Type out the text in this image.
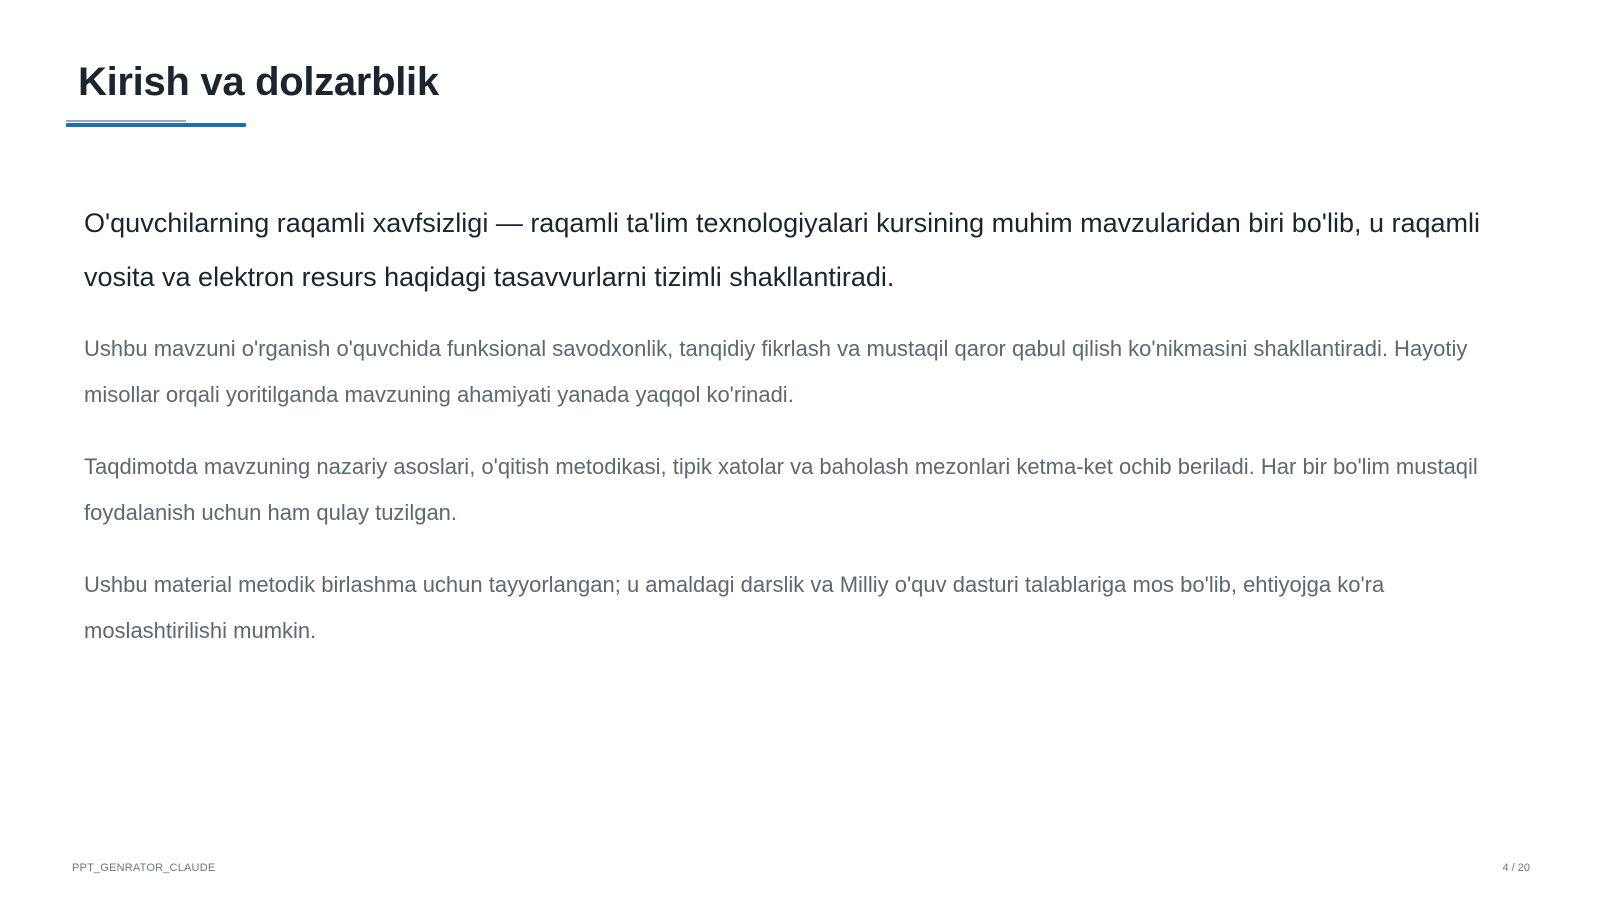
Kirish va dolzarblik

O'quvchilarning raqamli xavfsizligi — raqamli ta'lim texnologiyalari kursining muhim mavzularidan biri bo'lib, u raqamli vosita va elektron resurs haqidagi tasavvurlarni tizimli shakllantiradi.

Ushbu mavzuni o'rganish o'quvchida funksional savodxonlik, tanqidiy fikrlash va mustaqil qaror qabul qilish ko'nikmasini shakllantiradi. Hayotiy misollar orqali yoritilganda mavzuning ahamiyati yanada yaqqol ko'rinadi.

Taqdimotda mavzuning nazariy asoslari, o'qitish metodikasi, tipik xatolar va baholash mezonlari ketma-ket ochib beriladi. Har bir bo'lim mustaqil foydalanish uchun ham qulay tuzilgan.

Ushbu material metodik birlashma uchun tayyorlangan; u amaldagi darslik va Milliy o'quv dasturi talablariga mos bo'lib, ehtiyojga ko'ra moslashtirilishi mumkin.

PPT_GENRATOR_CLAUDE	4 / 20
